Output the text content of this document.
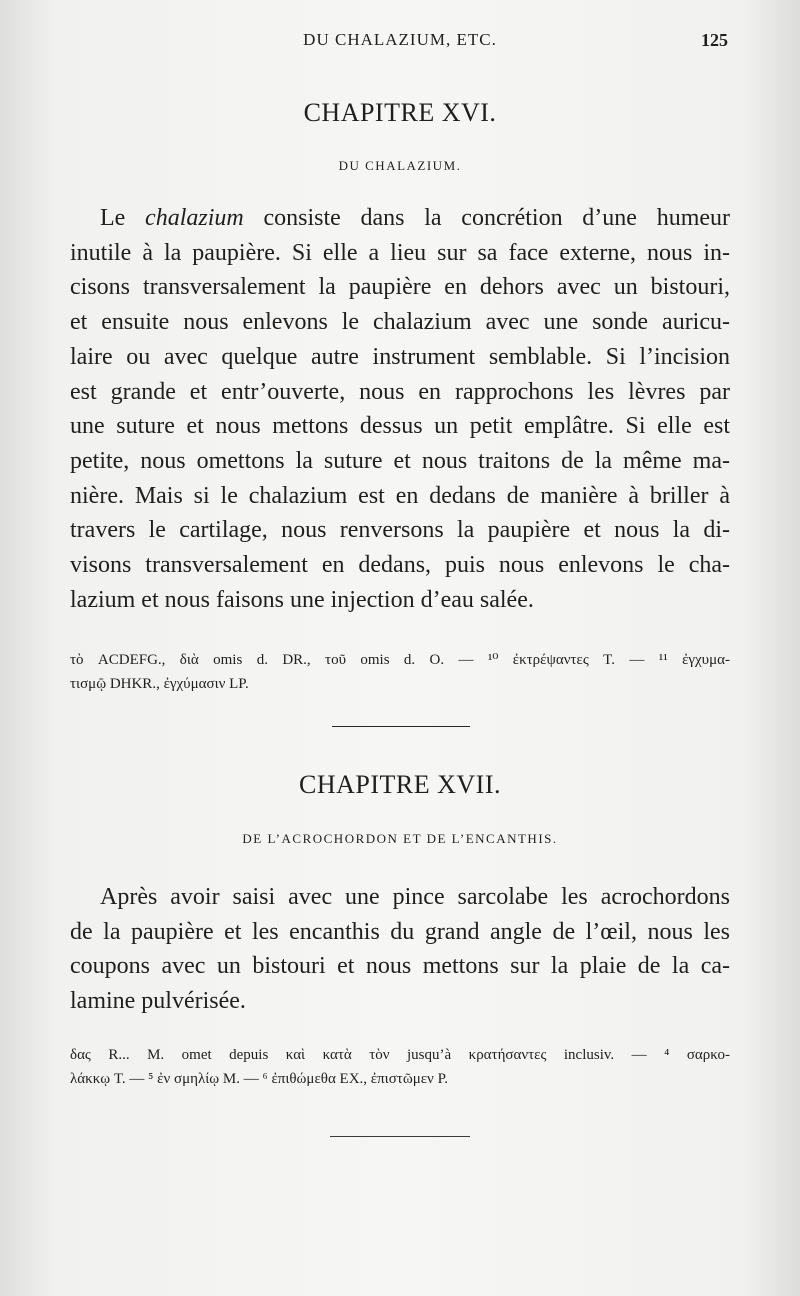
DU CHALAZIUM, ETC.	125
CHAPITRE XVI.
DU CHALAZIUM.

Le chalazium consiste dans la concrétion d’une humeur
inutile à la paupière. Si elle a lieu sur sa face externe, nous in-
cisons transversalement la paupière en dehors avec un bistouri,
et ensuite nous enlevons le chalazium avec une sonde auricu-
laire ou avec quelque autre instrument semblable. Si l’incision
est grande et entr’ouverte, nous en rapprochons les lèvres par
une suture et nous mettons dessus un petit emplâtre. Si elle est
petite, nous omettons la suture et nous traitons de la même ma-
nière. Mais si le chalazium est en dedans de manière à briller à
travers le cartilage, nous renversons la paupière et nous la di-
visons transversalement en dedans, puis nous enlevons le cha-
lazium et nous faisons une injection d’eau salée.

τὸ ACDEFG., διὰ omis d. DR., τοῦ omis d. O. — ¹⁰ ἐκτρέψαντες T. — ¹¹ ἐγχυμα-
τισμῷ DHKR., ἐγχύμασιν LP.

CHAPITRE XVII.
DE L’ACROCHORDON ET DE L’ENCANTHIS.

Après avoir saisi avec une pince sarcolabe les acrochordons
de la paupière et les encanthis du grand angle de l’œil, nous les
coupons avec un bistouri et nous mettons sur la plaie de la ca-
lamine pulvérisée.

δας R... M. omet depuis καὶ κατὰ τὸν jusqu’à κρατήσαντες inclusiv. — ⁴ σαρκο-
λάκκῳ T. — ⁵ ἐν σμηλίῳ M. — ⁶ ἐπιθώμεθα EX., ἐπιστῶμεν P.
